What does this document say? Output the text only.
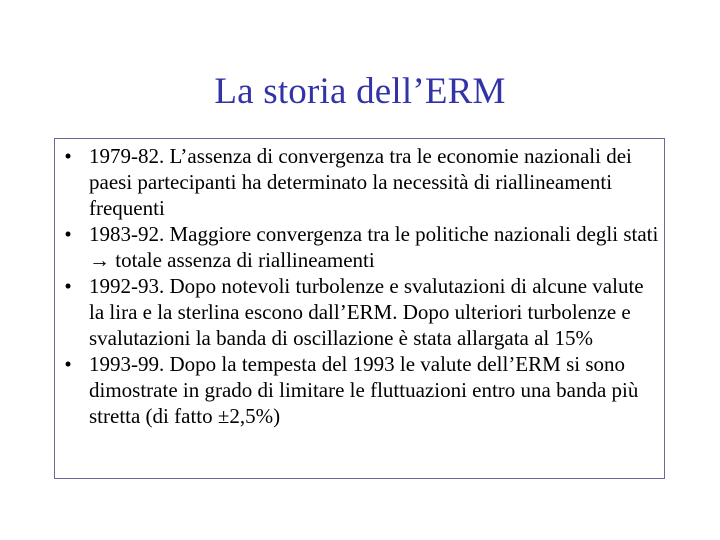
La storia dell’ERM
• 1979-82. L’assenza di convergenza tra le economie nazionali dei paesi partecipanti ha determinato la necessità di riallineamenti frequenti
• 1983-92. Maggiore convergenza tra le politiche nazionali degli stati → totale assenza di riallineamenti
• 1992-93. Dopo notevoli turbolenze e svalutazioni di alcune valute la lira e la sterlina escono dall’ERM. Dopo ulteriori turbolenze e svalutazioni la banda di oscillazione è stata allargata al 15%
• 1993-99. Dopo la tempesta del 1993 le valute dell’ERM si sono dimostrate in grado di limitare le fluttuazioni entro una banda più stretta (di fatto ±2,5%)
